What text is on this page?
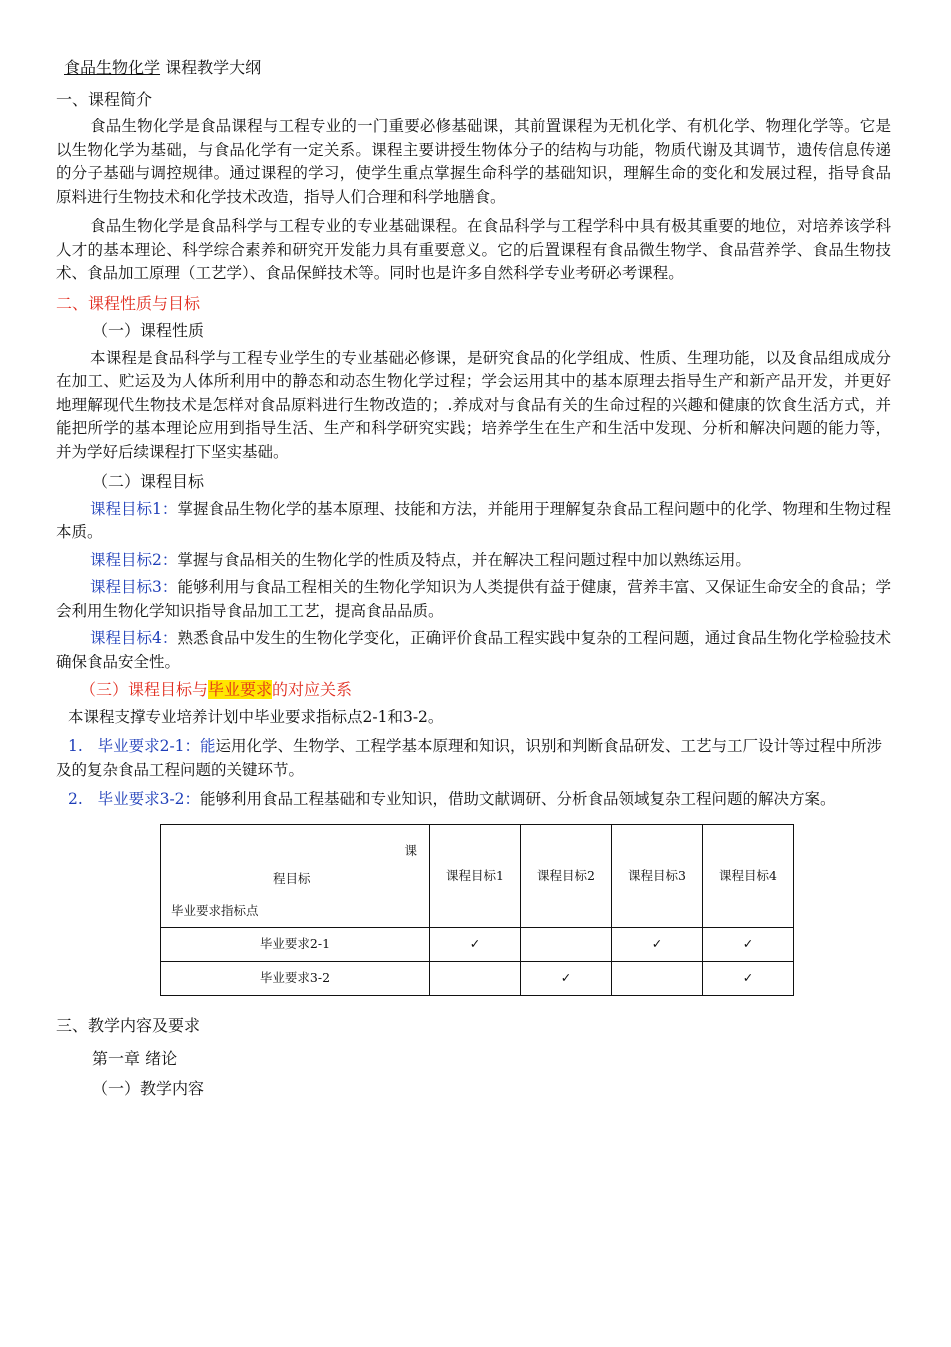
食品生物化学 课程教学大纲
一、课程简介
食品生物化学是食品课程与工程专业的一门重要必修基础课，其前置课程为无机化学、有机化学、物理化学等。它是以生物化学为基础，与食品化学有一定关系。课程主要讲授生物体分子的结构与功能，物质代谢及其调节，遗传信息传递的分子基础与调控规律。通过课程的学习，使学生重点掌握生命科学的基础知识，理解生命的变化和发展过程，指导食品原料进行生物技术和化学技术改造，指导人们合理和科学地膳食。
食品生物化学是食品科学与工程专业的专业基础课程。在食品科学与工程学科中具有极其重要的地位，对培养该学科人才的基本理论、科学综合素养和研究开发能力具有重要意义。它的后置课程有食品微生物学、食品营养学、食品生物技术、食品加工原理（工艺学）、食品保鲜技术等。同时也是许多自然科学专业考研必考课程。
二、课程性质与目标
（一）课程性质
本课程是食品科学与工程专业学生的专业基础必修课，是研究食品的化学组成、性质、生理功能，以及食品组成成分在加工、贮运及为人体所利用中的静态和动态生物化学过程；学会运用其中的基本原理去指导生产和新产品开发，并更好地理解现代生物技术是怎样对食品原料进行生物改造的；.养成对与食品有关的生命过程的兴趣和健康的饮食生活方式，并能把所学的基本理论应用到指导生活、生产和科学研究实践；培养学生在生产和生活中发现、分析和解决问题的能力等，并为学好后续课程打下坚实基础。
（二）课程目标
课程目标1：掌握食品生物化学的基本原理、技能和方法，并能用于理解复杂食品工程问题中的化学、物理和生物过程本质。
课程目标2：掌握与食品相关的生物化学的性质及特点，并在解决工程问题过程中加以熟练运用。
课程目标3：能够利用与食品工程相关的生物化学知识为人类提供有益于健康，营养丰富、又保证生命安全的食品；学会利用生物化学知识指导食品加工工艺，提高食品品质。
课程目标4：熟悉食品中发生的生物化学变化，正确评价食品工程实践中复杂的工程问题，通过食品生物化学检验技术确保食品安全性。
（三）课程目标与毕业要求的对应关系
本课程支撑专业培养计划中毕业要求指标点2-1和3-2。
1. 毕业要求2-1：能运用化学、生物学、工程学基本原理和知识，识别和判断食品研发、工艺与工厂设计等过程中所涉及的复杂食品工程问题的关键环节。
2. 毕业要求3-2：能够利用食品工程基础和专业知识，借助文献调研、分析食品领域复杂工程问题的解决方案。
课
程目标
毕业要求指标点	课程目标1	课程目标2	课程目标3	课程目标4
毕业要求2-1	✓		✓	✓
毕业要求3-2		✓		✓
三、教学内容及要求
第一章 绪论
（一）教学内容
